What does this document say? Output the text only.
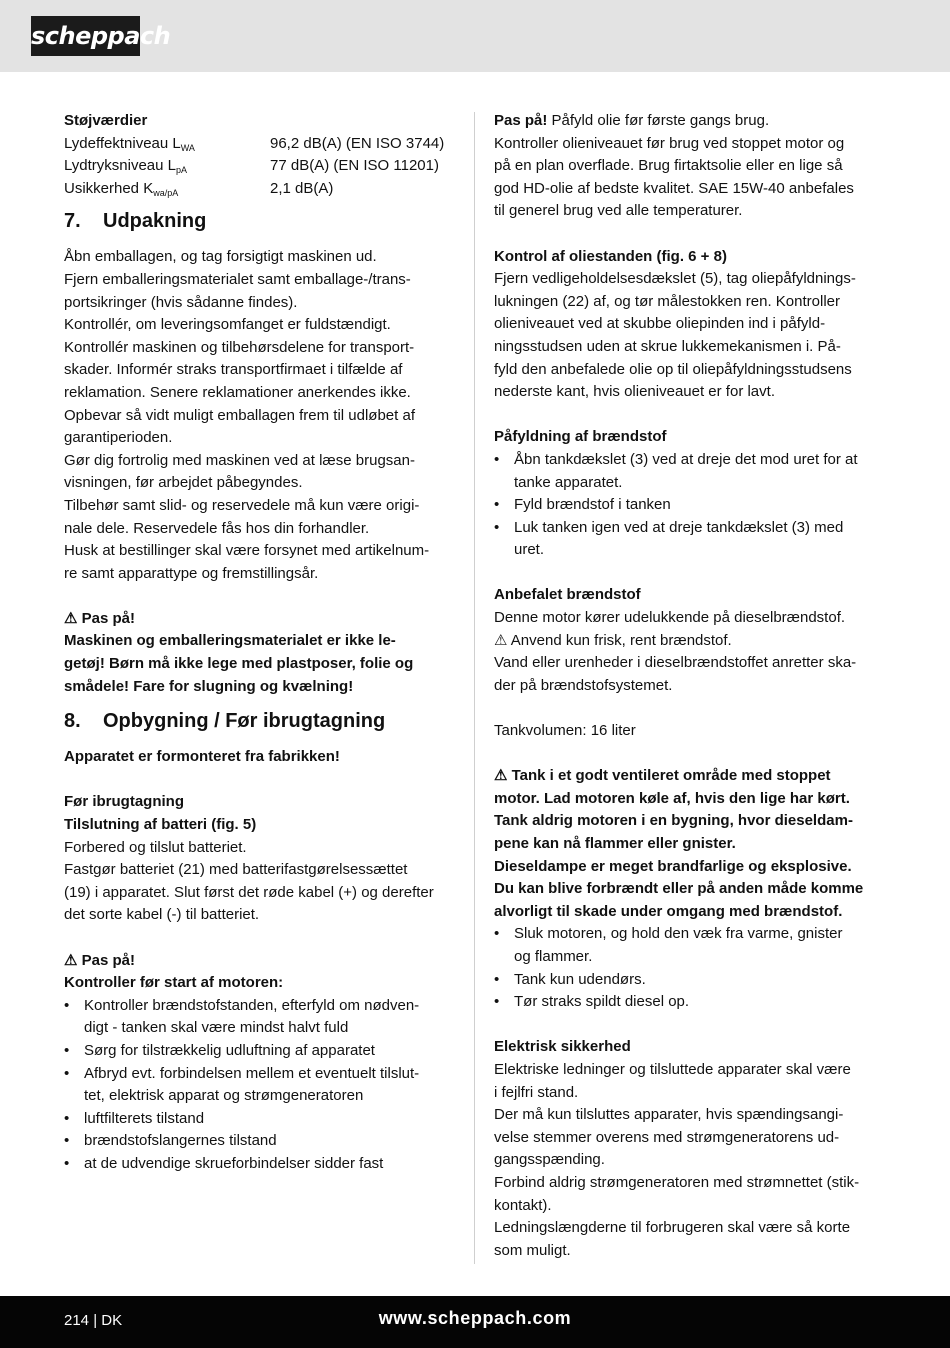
scheppach

Støjværdier

Lydeffektniveau $L_{WA}$	96,2 dB(A) (EN ISO 3744)
Lydtryksniveau $L_{pA}$	77 dB(A) (EN ISO 11201)
Usikkerhed $K_{wa/pA}$	2,1 dB(A)
7. Udpakning

Åbn emballagen, og tag forsigtigt maskinen ud.

Fjern emballeringsmaterialet samt emballage-/trans-

portsikringer (hvis sådanne findes).

Kontrollér, om leveringsomfanget er fuldstændigt.

Kontrollér maskinen og tilbehørsdelene for transport-

skader. Informér straks transportfirmaet i tilfælde af

reklamation. Senere reklamationer anerkendes ikke.

Opbevar så vidt muligt emballagen frem til udløbet af

garantiperioden.

Gør dig fortrolig med maskinen ved at læse brugsan-

visningen, før arbejdet påbegyndes.

Tilbehør samt slid- og reservedele må kun være origi-

nale dele. Reservedele fås hos din forhandler.

Husk at bestillinger skal være forsynet med artikelnum-

re samt apparattype og fremstillingsår.

⚠ Pas på!

Maskinen og emballeringsmaterialet er ikke le-

getøj! Børn må ikke lege med plastposer, folie og

smådele! Fare for slugning og kvælning!

8. Opbygning / Før ibrugtagning

Apparatet er formonteret fra fabrikken!

Før ibrugtagning

Tilslutning af batteri (fig. 5)

Forbered og tilslut batteriet.

Fastgør batteriet (21) med batterifastgørelsessættet

(19) i apparatet. Slut først det røde kabel (+) og derefter

det sorte kabel (-) til batteriet.

⚠ Pas på!

Kontroller før start af motoren:

• Kontroller brændstofstanden, efterfyld om nødven-
digt - tanken skal være mindst halvt fuld
• Sørg for tilstrækkelig udluftning af apparatet
• Afbryd evt. forbindelsen mellem et eventuelt tilslut-
tet, elektrisk apparat og strømgeneratoren
• luftfilterets tilstand
• brændstofslangernes tilstand
• at de udvendige skrueforbindelser sidder fast

Pas på! Påfyld olie før første gangs brug.

Kontroller olieniveauet før brug ved stoppet motor og

på en plan overflade. Brug firtaktsolie eller en lige så

god HD-olie af bedste kvalitet. SAE 15W-40 anbefales

til generel brug ved alle temperaturer.

Kontrol af oliestanden (fig. 6 + 8)

Fjern vedligeholdelsesdækslet (5), tag oliepåfyldnings-

lukningen (22) af, og tør målestokken ren. Kontroller

olieniveauet ved at skubbe oliepinden ind i påfyld-

ningsstudsen uden at skrue lukkemekanismen i. På-

fyld den anbefalede olie op til oliepåfyldningsstudsens

nederste kant, hvis olieniveauet er for lavt.

Påfyldning af brændstof

• Åbn tankdækslet (3) ved at dreje det mod uret for at
tanke apparatet.
• Fyld brændstof i tanken
• Luk tanken igen ved at dreje tankdækslet (3) med
uret.

Anbefalet brændstof

Denne motor kører udelukkende på dieselbrændstof.

⚠ Anvend kun frisk, rent brændstof.

Vand eller urenheder i dieselbrændstoffet anretter ska-

der på brændstofsystemet.

Tankvolumen: 16 liter

⚠ Tank i et godt ventileret område med stoppet

motor. Lad motoren køle af, hvis den lige har kørt.

Tank aldrig motoren i en bygning, hvor dieseldam-

pene kan nå flammer eller gnister.

Dieseldampe er meget brandfarlige og eksplosive.

Du kan blive forbrændt eller på anden måde komme

alvorligt til skade under omgang med brændstof.

• Sluk motoren, og hold den væk fra varme, gnister
og flammer.
• Tank kun udendørs.
• Tør straks spildt diesel op.

Elektrisk sikkerhed

Elektriske ledninger og tilsluttede apparater skal være

i fejlfri stand.

Der må kun tilsluttes apparater, hvis spændingsangi-

velse stemmer overens med strømgeneratorens ud-

gangsspænding.

Forbind aldrig strømgeneratoren med strømnettet (stik-

kontakt).

Ledningslængderne til forbrugeren skal være så korte

som muligt.

214 | DK	www.scheppach.com
